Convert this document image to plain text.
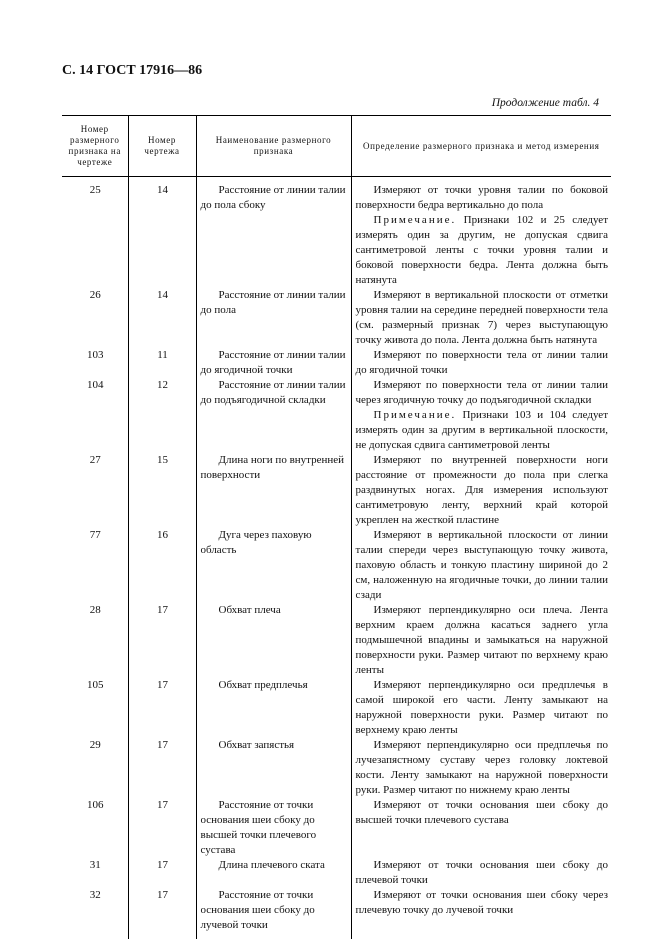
С. 14 ГОСТ 17916—86
Продолжение табл. 4
Номер размерного признака на чертеже	Номер чертежа	Наименование размерного признака	Определение размерного признака и метод измерения
25	14	Расстояние от линии талии до пола сбоку	Измеряют от точки уровня талии по боковой поверхности бедра вертикально до пола
Примечание. Признаки 102 и 25 следует измерять один за другим, не допуская сдвига сантиметровой ленты с точки уровня талии и боковой поверхности бедра. Лента должна быть натянута

26	14	Расстояние от линии талии до пола	Измеряют в вертикальной плоскости от отметки уровня талии на середине передней поверхности тела (см. размерный признак 7) через выступающую точку живота до пола. Лента должна быть натянута

103	11	Расстояние от линии талии до ягодичной точки	Измеряют по поверхности тела от линии талии до ягодичной точки

104	12	Расстояние от линии талии до подъягодичной складки	Измеряют по поверхности тела от линии талии через ягодичную точку до подъягодичной складки
Примечание. Признаки 103 и 104 следует измерять один за другим в вертикальной плоскости, не допуская сдвига сантиметровой ленты

27	15	Длина ноги по внутренней поверхности	Измеряют по внутренней поверхности ноги расстояние от промежности до пола при слегка раздвинутых ногах. Для измерения используют сантиметровую ленту, верхний край которой укреплен на жесткой пластине

77	16	Дуга через паховую область	Измеряют в вертикальной плоскости от линии талии спереди через выступающую точку живота, паховую область и тонкую пластину шириной до 2 см, наложенную на ягодичные точки, до линии талии сзади

28	17	Обхват плеча	Измеряют перпендикулярно оси плеча. Лента верхним краем должна касаться заднего угла подмышечной впадины и замыкаться на наружной поверхности руки. Размер читают по верхнему краю ленты

105	17	Обхват предплечья	Измеряют перпендикулярно оси предплечья в самой широкой его части. Ленту замыкают на наружной поверхности руки. Размер читают по верхнему краю ленты

29	17	Обхват запястья	Измеряют перпендикулярно оси предплечья по лучезапястному суставу через головку локтевой кости. Ленту замыкают на наружной поверхности руки. Размер читают по нижнему краю ленты

106	17	Расстояние от точки основания шеи сбоку до высшей точки плечевого сустава	Измеряют от точки основания шеи сбоку до высшей точки плечевого сустава

31	17	Длина плечевого ската	Измеряют от точки основания шеи сбоку до плечевой точки

32	17	Расстояние от точки основания шеи сбоку до лучевой точки	Измеряют от точки основания шеи сбоку через плечевую точку до лучевой точки
